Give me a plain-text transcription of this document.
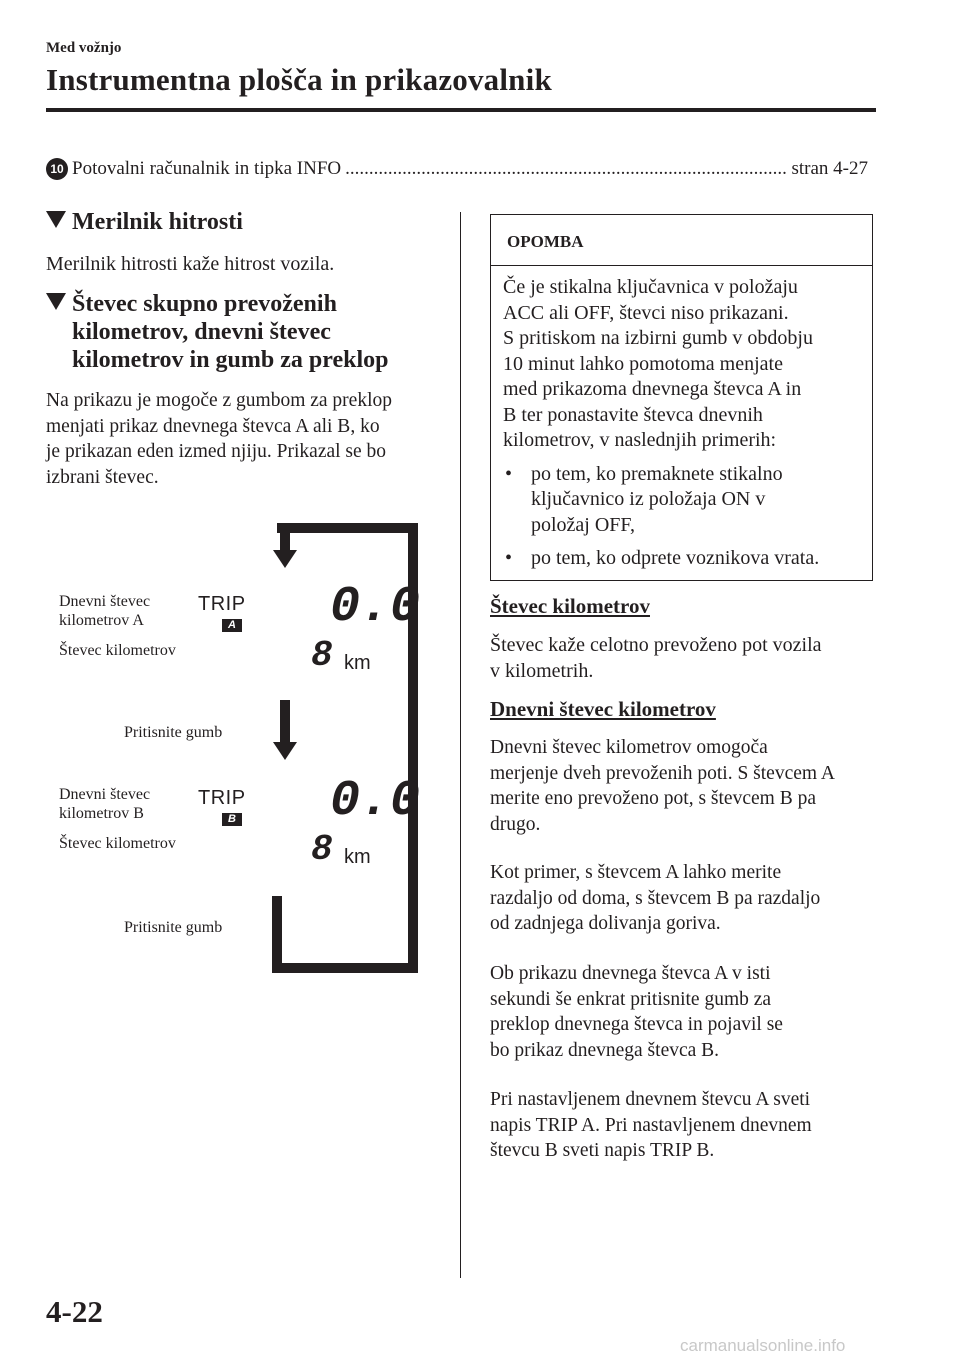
Med vožnjo
Instrumentna plošča in prikazovalnik
10 Potovalni računalnik in tipka INFO
.....	stran 4-27
Merilnik hitrosti
Merilnik hitrosti kaže hitrost vozila.
Števec skupno prevoženih
kilometrov, dnevni števec
kilometrov in gumb za preklop
Na prikazu je mogoče z gumbom za preklop
menjati prikaz dnevnega števca A ali B, ko
je prikazan eden izmed njiju. Prikazal se bo
izbrani števec.
Dnevni števec
kilometrov A
Števec kilometrov
Pritisnite gumb
TRIP
A 0.0
8 km
Dnevni števec
kilometrov B
Števec kilometrov
Pritisnite gumb
TRIP
B 0.0
8 km
OPOMBA
Če je stikalna ključavnica v položaju
ACC ali OFF, števci niso prikazani.
S pritiskom na izbirni gumb v obdobju
10 minut lahko pomotoma menjate
med prikazoma dnevnega števca A in
B ter ponastavite števca dnevnih
kilometrov, v naslednjih primerih:
• po tem, ko premaknete stikalno
ključavnico iz položaja ON v
položaj OFF,
• po tem, ko odprete voznikova vrata.
Števec kilometrov
Števec kaže celotno prevoženo pot vozila
v kilometrih.
Dnevni števec kilometrov
Dnevni števec kilometrov omogoča
merjenje dveh prevoženih poti. S števcem A
merite eno prevoženo pot, s števcem B pa
drugo.
Kot primer, s števcem A lahko merite
razdaljo od doma, s števcem B pa razdaljo
od zadnjega dolivanja goriva.
Ob prikazu dnevnega števca A v isti
sekundi še enkrat pritisnite gumb za
preklop dnevnega števca in pojavil se
bo prikaz dnevnega števca B.
Pri nastavljenem dnevnem števcu A sveti
napis TRIP A. Pri nastavljenem dnevnem
števcu B sveti napis TRIP B.
4-22
carmanualsonline.info
